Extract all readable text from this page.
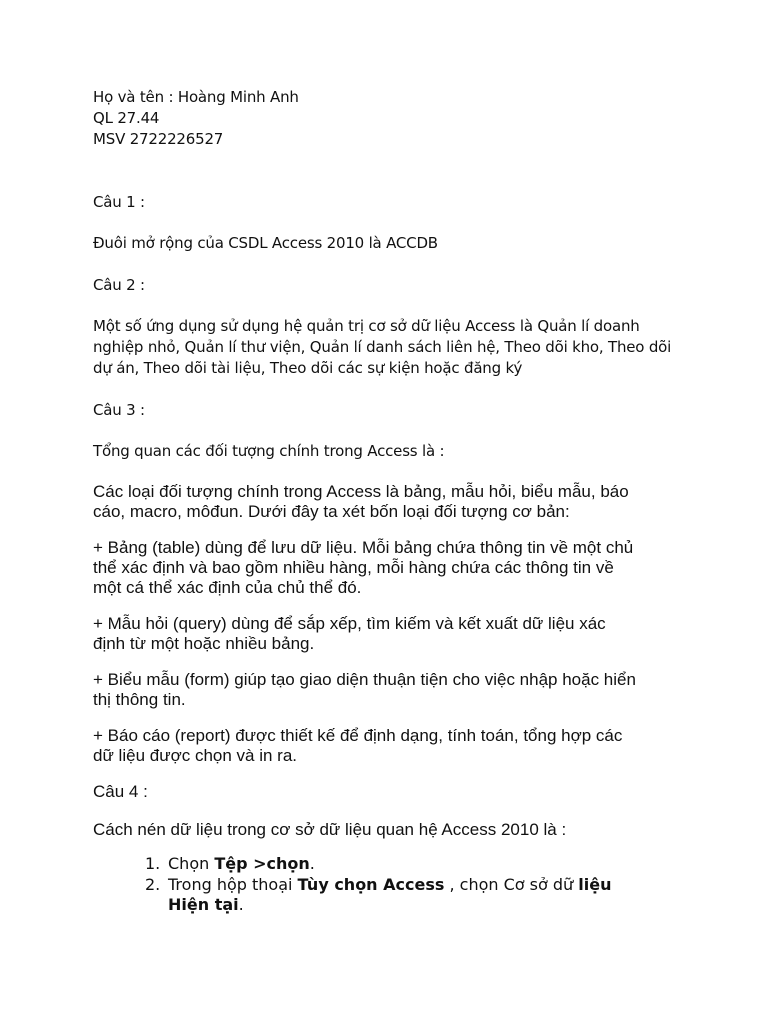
Họ và tên : Hoàng Minh Anh
QL 27.44
MSV 2722226527
Câu 1 :
Đuôi mở rộng của CSDL Access 2010 là ACCDB
Câu 2 :
Một số ứng dụng sử dụng hệ quản trị cơ sở dữ liệu Access là Quản lí doanh
nghiệp nhỏ, Quản lí thư viện, Quản lí danh sách liên hệ, Theo dõi kho, Theo dõi
dự án, Theo dõi tài liệu, Theo dõi các sự kiện hoặc đăng ký
Câu 3 :
Tổng quan các đối tượng chính trong Access là :
Các loại đối tượng chính trong Access là bảng, mẫu hỏi, biểu mẫu, báo
cáo, macro, môđun. Dưới đây ta xét bốn loại đối tượng cơ bản:
+ Bảng (table) dùng để lưu dữ liệu. Mỗi bảng chứa thông tin về một chủ
thể xác định và bao gồm nhiều hàng, mỗi hàng chứa các thông tin về
một cá thể xác định của chủ thể đó.
+ Mẫu hỏi (query) dùng để sắp xếp, tìm kiếm và kết xuất dữ liệu xác
định từ một hoặc nhiều bảng.
+ Biểu mẫu (form) giúp tạo giao diện thuận tiện cho việc nhập hoặc hiển
thị thông tin.
+ Báo cáo (report) được thiết kế để định dạng, tính toán, tổng hợp các
dữ liệu được chọn và in ra.
Câu 4 :
Cách nén dữ liệu trong cơ sở dữ liệu quan hệ Access 2010 là :
1. Chọn Tệp >chọn.
2. Trong hộp thoại Tùy chọn Access , chọn Cơ sở dữ liệu
Hiện tại.
